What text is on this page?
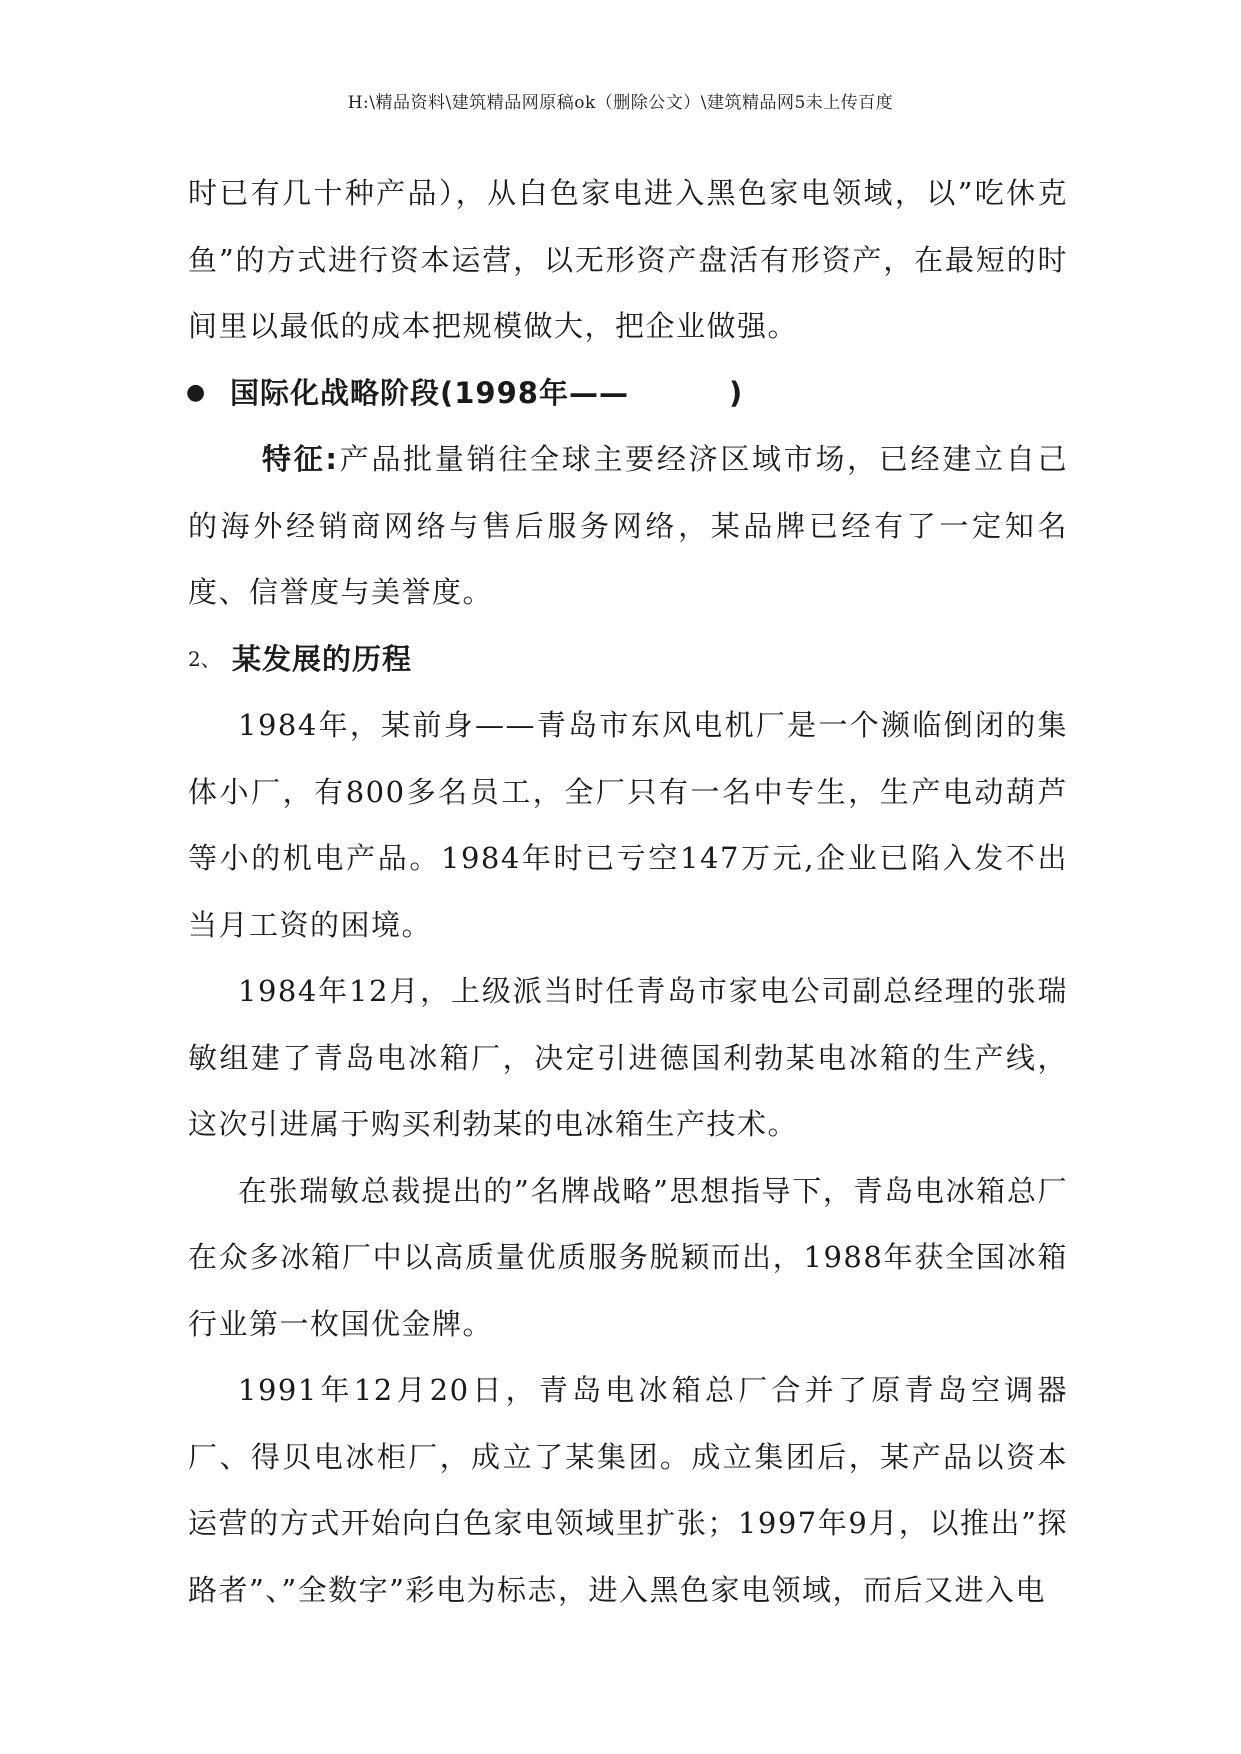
H:\精品资料\建筑精品网原稿ok（删除公文）\建筑精品网5未上传百度

时已有几十种产品），从白色家电进入黑色家电领域，以”吃休克鱼”的方式进行资本运营，以无形资产盘活有形资产，在最短的时间里以最低的成本把规模做大，把企业做强。

● 国际化战略阶段(1998年——	)

特征:产品批量销往全球主要经济区域市场，已经建立自己的海外经销商网络与售后服务网络，某品牌已经有了一定知名度、信誉度与美誉度。

2、 某发展的历程

1984年，某前身——青岛市东风电机厂是一个濒临倒闭的集体小厂，有800多名员工，全厂只有一名中专生，生产电动葫芦等小的机电产品。1984年时已亏空147万元,企业已陷入发不出当月工资的困境。

1984年12月，上级派当时任青岛市家电公司副总经理的张瑞敏组建了青岛电冰箱厂，决定引进德国利勃某电冰箱的生产线，这次引进属于购买利勃某的电冰箱生产技术。

在张瑞敏总裁提出的”名牌战略”思想指导下，青岛电冰箱总厂在众多冰箱厂中以高质量优质服务脱颖而出，1988年获全国冰箱行业第一枚国优金牌。

1991年12月20日，青岛电冰箱总厂合并了原青岛空调器厂、得贝电冰柜厂，成立了某集团。成立集团后，某产品以资本运营的方式开始向白色家电领域里扩张；1997年9月，以推出”探路者”、”全数字”彩电为标志，进入黑色家电领域，而后又进入电
